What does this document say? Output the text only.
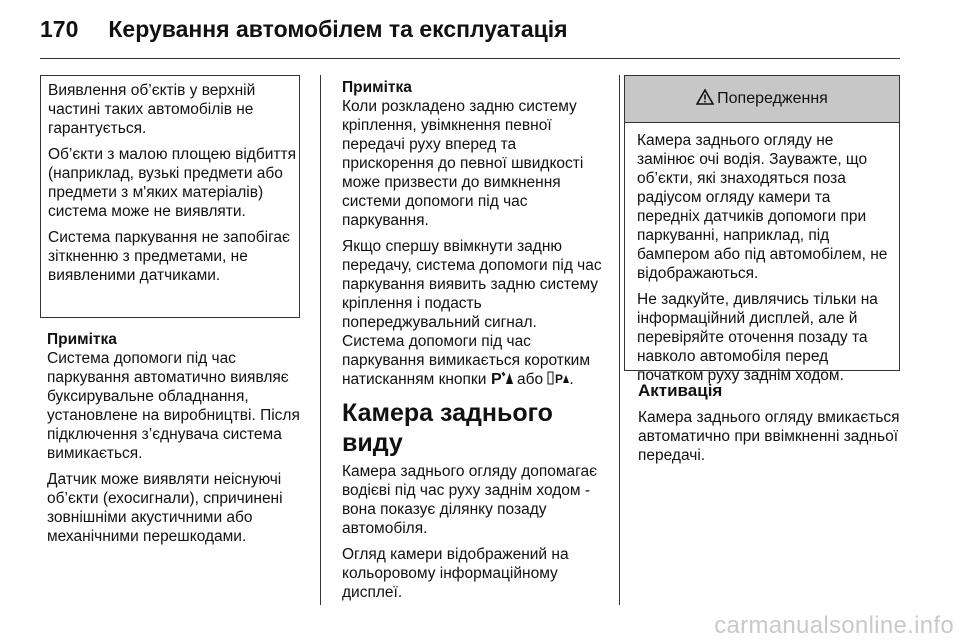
170 Керування автомобілем та експлуатація

Виявлення об’єктів у верхній частині таких автомобілів не гарантується.

Об’єкти з малою площею відбиття (наприклад, вузькі предмети або предмети з м'яких матеріалів) система може не виявляти.

Система паркування не запобігає зіткненню з предметами, не виявленими датчиками.

Примітка

Система допомоги під час паркування автоматично виявляє буксирувальне обладнання, установлене на виробництві. Після підключення з’єднувача система вимикається.

Датчик може виявляти неіснуючі об’єкти (ехосигнали), спричинені зовнішніми акустичними або механічними перешкодами.

Примітка

Коли розкладено задню систему кріплення, увімкнення певної передачі руху вперед та прискорення до певної швидкості може призвести до вимкнення системи допомоги під час паркування.

Якщо спершу ввімкнути задню передачу, система допомоги під час паркування виявить задню систему кріплення і подасть попереджувальний сигнал.

Система допомоги під час паркування вимикається коротким натисканням кнопки P або P .

Камера заднього виду

Камера заднього огляду допомагає водієві під час руху заднім ходом - вона показує ділянку позаду автомобіля.

Огляд камери відображений на кольоровому інформаційному дисплеї.

Попередження

Камера заднього огляду не замінює очі водія. Зауважте, що об’єкти, які знаходяться поза радіусом огляду камери та передніх датчиків допомоги при паркуванні, наприклад, під бампером або під автомобілем, не відображаються.

Не задкуйте, дивлячись тільки на інформаційний дисплей, але й перевіряйте оточення позаду та навколо автомобіля перед початком руху заднім ходом.

Активація

Камера заднього огляду вмикається автоматично при ввімкненні задньої передачі.

carmanualsonline.info
